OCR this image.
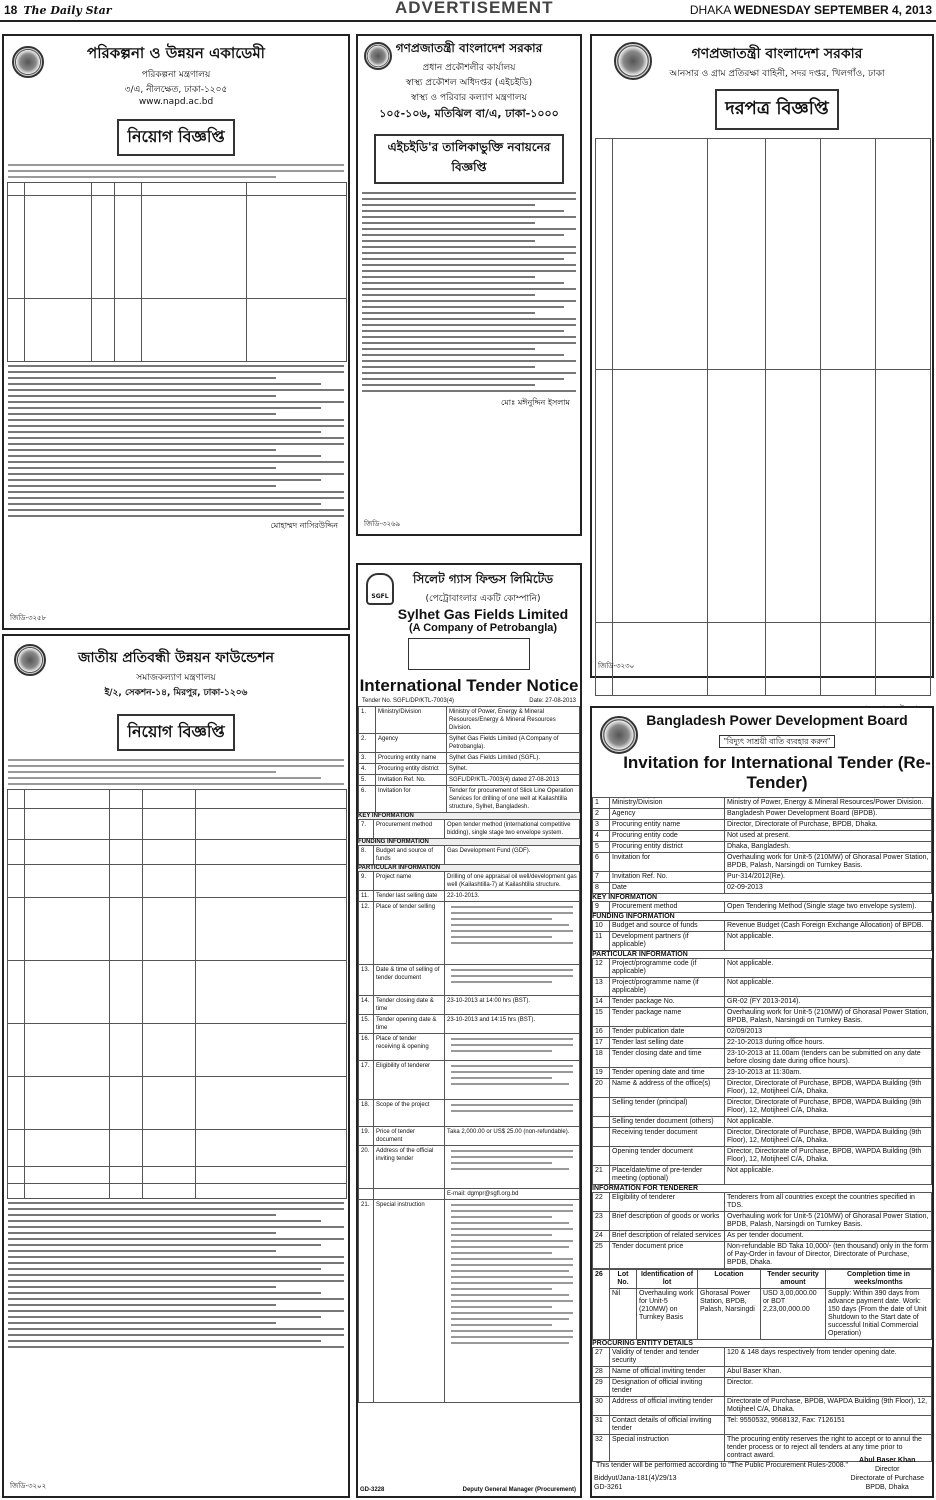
18 The Daily Star	ADVERTISEMENT	DHAKA WEDNESDAY SEPTEMBER 4, 2013
পরিকল্পনা ও উন্নয়ন একাডেমী
পরিকল্পনা মন্ত্রণালয়
৩/এ, নীলক্ষেত, ঢাকা-১২০৫
www.napd.ac.bd
নিয়োগ বিজ্ঞপ্তি

মোহাম্মদ নাসিরউদ্দিন
জিডি-৩২৫৮
গণপ্রজাতন্ত্রী বাংলাদেশ সরকার
প্রধান প্রকৌশলীর কার্যালয়
স্বাস্থ্য প্রকৌশল অধিদপ্তর (এইচইডি)
স্বাস্থ্য ও পরিবার কল্যাণ মন্ত্রণালয়
১০৫-১০৬, মতিঝিল বা/এ, ঢাকা-১০০০
এইচইডি'র তালিকাভুক্তি নবায়নের বিজ্ঞপ্তি
মোঃ মঈনুদ্দিন ইসলাম
জিডি-৩২৬৯
গণপ্রজাতন্ত্রী বাংলাদেশ সরকার
আনসার ও গ্রাম প্রতিরক্ষা বাহিনী, সদর দপ্তর, খিলগাঁও, ঢাকা
দরপত্র বিজ্ঞপ্তি

জিডি-৩২৩০
জাতীয় প্রতিবন্ধী উন্নয়ন ফাউন্ডেশন
সমাজকল্যাণ মন্ত্রণালয়
ই/২, সেকশন-১৪, মিরপুর, ঢাকা-১২০৬
নিয়োগ বিজ্ঞপ্তি

জিডি-৩২০২
SGFL
সিলেট গ্যাস ফিল্ডস লিমিটেড
(পেট্রোবাংলার একটি কোম্পানি)
Sylhet Gas Fields Limited
(A Company of Petrobangla)
International Tender Notice
Tender No. SGFL/DP/KTL-7003(4)	Date: 27-08-2013
1.	Ministry/Division	Ministry of Power, Energy & Mineral Resources/Energy & Mineral Resources Division.
2.	Agency	Sylhet Gas Fields Limited (A Company of Petrobangla).
3.	Procuring entity name	Sylhet Gas Fields Limited (SGFL).
4.	Procuring entity district	Sylhet.
5.	Invitation Ref. No.	SGFL/DP/KTL-7003(4) dated 27-08-2013
6.	Invitation for	Tender for procurement of Slick Line Operation Services for drilling of one well at Kailashtilla structure, Sylhet, Bangladesh.
KEY INFORMATION
7.	Procurement method	Open tender method (international competitive bidding), single stage two envelope system.
FUNDING INFORMATION
8.	Budget and source of funds	Gas Development Fund (GDF).
PARTICULAR INFORMATION
9.	Project name	Drilling of one appraisal oil well/development gas well (Kailashtilla-7) at Kailashtilla structure.
11.	Tender last selling date	22-10-2013.
12.	Place of tender selling	

13.	Date & time of selling of tender document	

14.	Tender closing date & time	23-10-2013 at 14:00 hrs (BST).
15.	Tender opening date & time	23-10-2013 and 14:15 hrs (BST).
16.	Place of tender receiving & opening	

17.	Eligibility of tenderer	

18.	Scope of the project	

19.	Price of tender document	Taka 2,000.00 or US$ 25.00 (non-refundable).
20.	Address of the official inviting tender	

		E-mail: dgmpr@sgfl.org.bd
21.	Special instruction	
GD-3228	Deputy General Manager (Procurement)
Bangladesh Power Development Board
"বিদ্যুৎ সাশ্রয়ী বাতি ব্যবহার করুন"
Invitation for International Tender (Re-Tender)
1	Ministry/Division	Ministry of Power, Energy & Mineral Resources/Power Division.
2	Agency	Bangladesh Power Development Board (BPDB).
3	Procuring entity name	Director, Directorate of Purchase, BPDB, Dhaka.
4	Procuring entity code	Not used at present.
5	Procuring entity district	Dhaka, Bangladesh.
6	Invitation for	Overhauling work for Unit-5 (210MW) of Ghorasal Power Station, BPDB, Palash, Narsingdi on Turnkey Basis.
7	Invitation Ref. No.	Pur-314/2012(Re).
8	Date	02-09-2013
KEY INFORMATION
9	Procurement method	Open Tendering Method (Single stage two envelope system).
FUNDING INFORMATION
10	Budget and source of funds	Revenue Budget (Cash Foreign Exchange Allocation) of BPDB.
11	Development partners (if applicable)	Not applicable.
PARTICULAR INFORMATION
12	Project/programme code (if applicable)	Not applicable.
13	Project/programme name (if applicable)	Not applicable.
14	Tender package No.	GR-02 (FY 2013-2014).
15	Tender package name	Overhauling work for Unit-5 (210MW) of Ghorasal Power Station, BPDB, Palash, Narsingdi on Turnkey Basis.
16	Tender publication date	02/09/2013
17	Tender last selling date	22-10-2013 during office hours.
18	Tender closing date and time	23-10-2013 at 11.00am (tenders can be submitted on any date before closing date during office hours).
19	Tender opening date and time	23-10-2013 at 11:30am.
20	Name & address of the office(s)	Director, Directorate of Purchase, BPDB, WAPDA Building (9th Floor), 12, Motijheel C/A, Dhaka.
	Selling tender (principal)	Director, Directorate of Purchase, BPDB, WAPDA Building (9th Floor), 12, Motijheel C/A, Dhaka.
	Selling tender document (others)	Not applicable.
	Receiving tender document	Director, Directorate of Purchase, BPDB, WAPDA Building (9th Floor), 12, Motijheel C/A, Dhaka.
	Opening tender document	Director, Directorate of Purchase, BPDB, WAPDA Building (9th Floor), 12, Motijheel C/A, Dhaka.
21	Place/date/time of pre-tender meeting (optional)	Not applicable.
INFORMATION FOR TENDERER
22	Eligibility of tenderer	Tenderers from all countries except the countries specified in TDS.
23	Brief description of goods or works	Overhauling work for Unit-5 (210MW) of Ghorasal Power Station, BPDB, Palash, Narsingdi on Turnkey Basis.
24	Brief description of related services	As per tender document.
25	Tender document price	Non-refundable BD Taka 10,000/- (ten thousand) only in the form of Pay-Order in favour of Director, Directorate of Purchase, BPDB, Dhaka.
26	Lot No.	Identification of lot	Location	Tender security amount	Completion time in weeks/months
	Nil	Overhauling work for Unit-5 (210MW) on Turnkey Basis	Ghorasal Power Station, BPDB, Palash, Narsingdi	USD 3,00,000.00 or BDT 2,23,00,000.00	Supply: Within 390 days from advance payment date. Work: 150 days (From the date of Unit Shutdown to the Start date of successful Initial Commercial Operation)
PROCURING ENTITY DETAILS
27	Validity of tender and tender security	120 & 148 days respectively from tender opening date.
28	Name of official inviting tender	Abul Baser Khan.
29	Designation of official inviting tender	Director.
30	Address of official inviting tender	Directorate of Purchase, BPDB, WAPDA Building (9th Floor), 12, Motijheel C/A, Dhaka.
31	Contact details of official inviting tender	Tel: 9550532, 9568132, Fax: 7126151
32	Special instruction	The procuring entity reserves the right to accept or to annul the tender process or to reject all tenders at any time prior to contract award.
This tender will be performed according to "The Public Procurement Rules-2008."
Abul Baser Khan
Director
Directorate of Purchase
BPDB, Dhaka
Biddyut/Jana-181(4)/29/13
GD-3261
